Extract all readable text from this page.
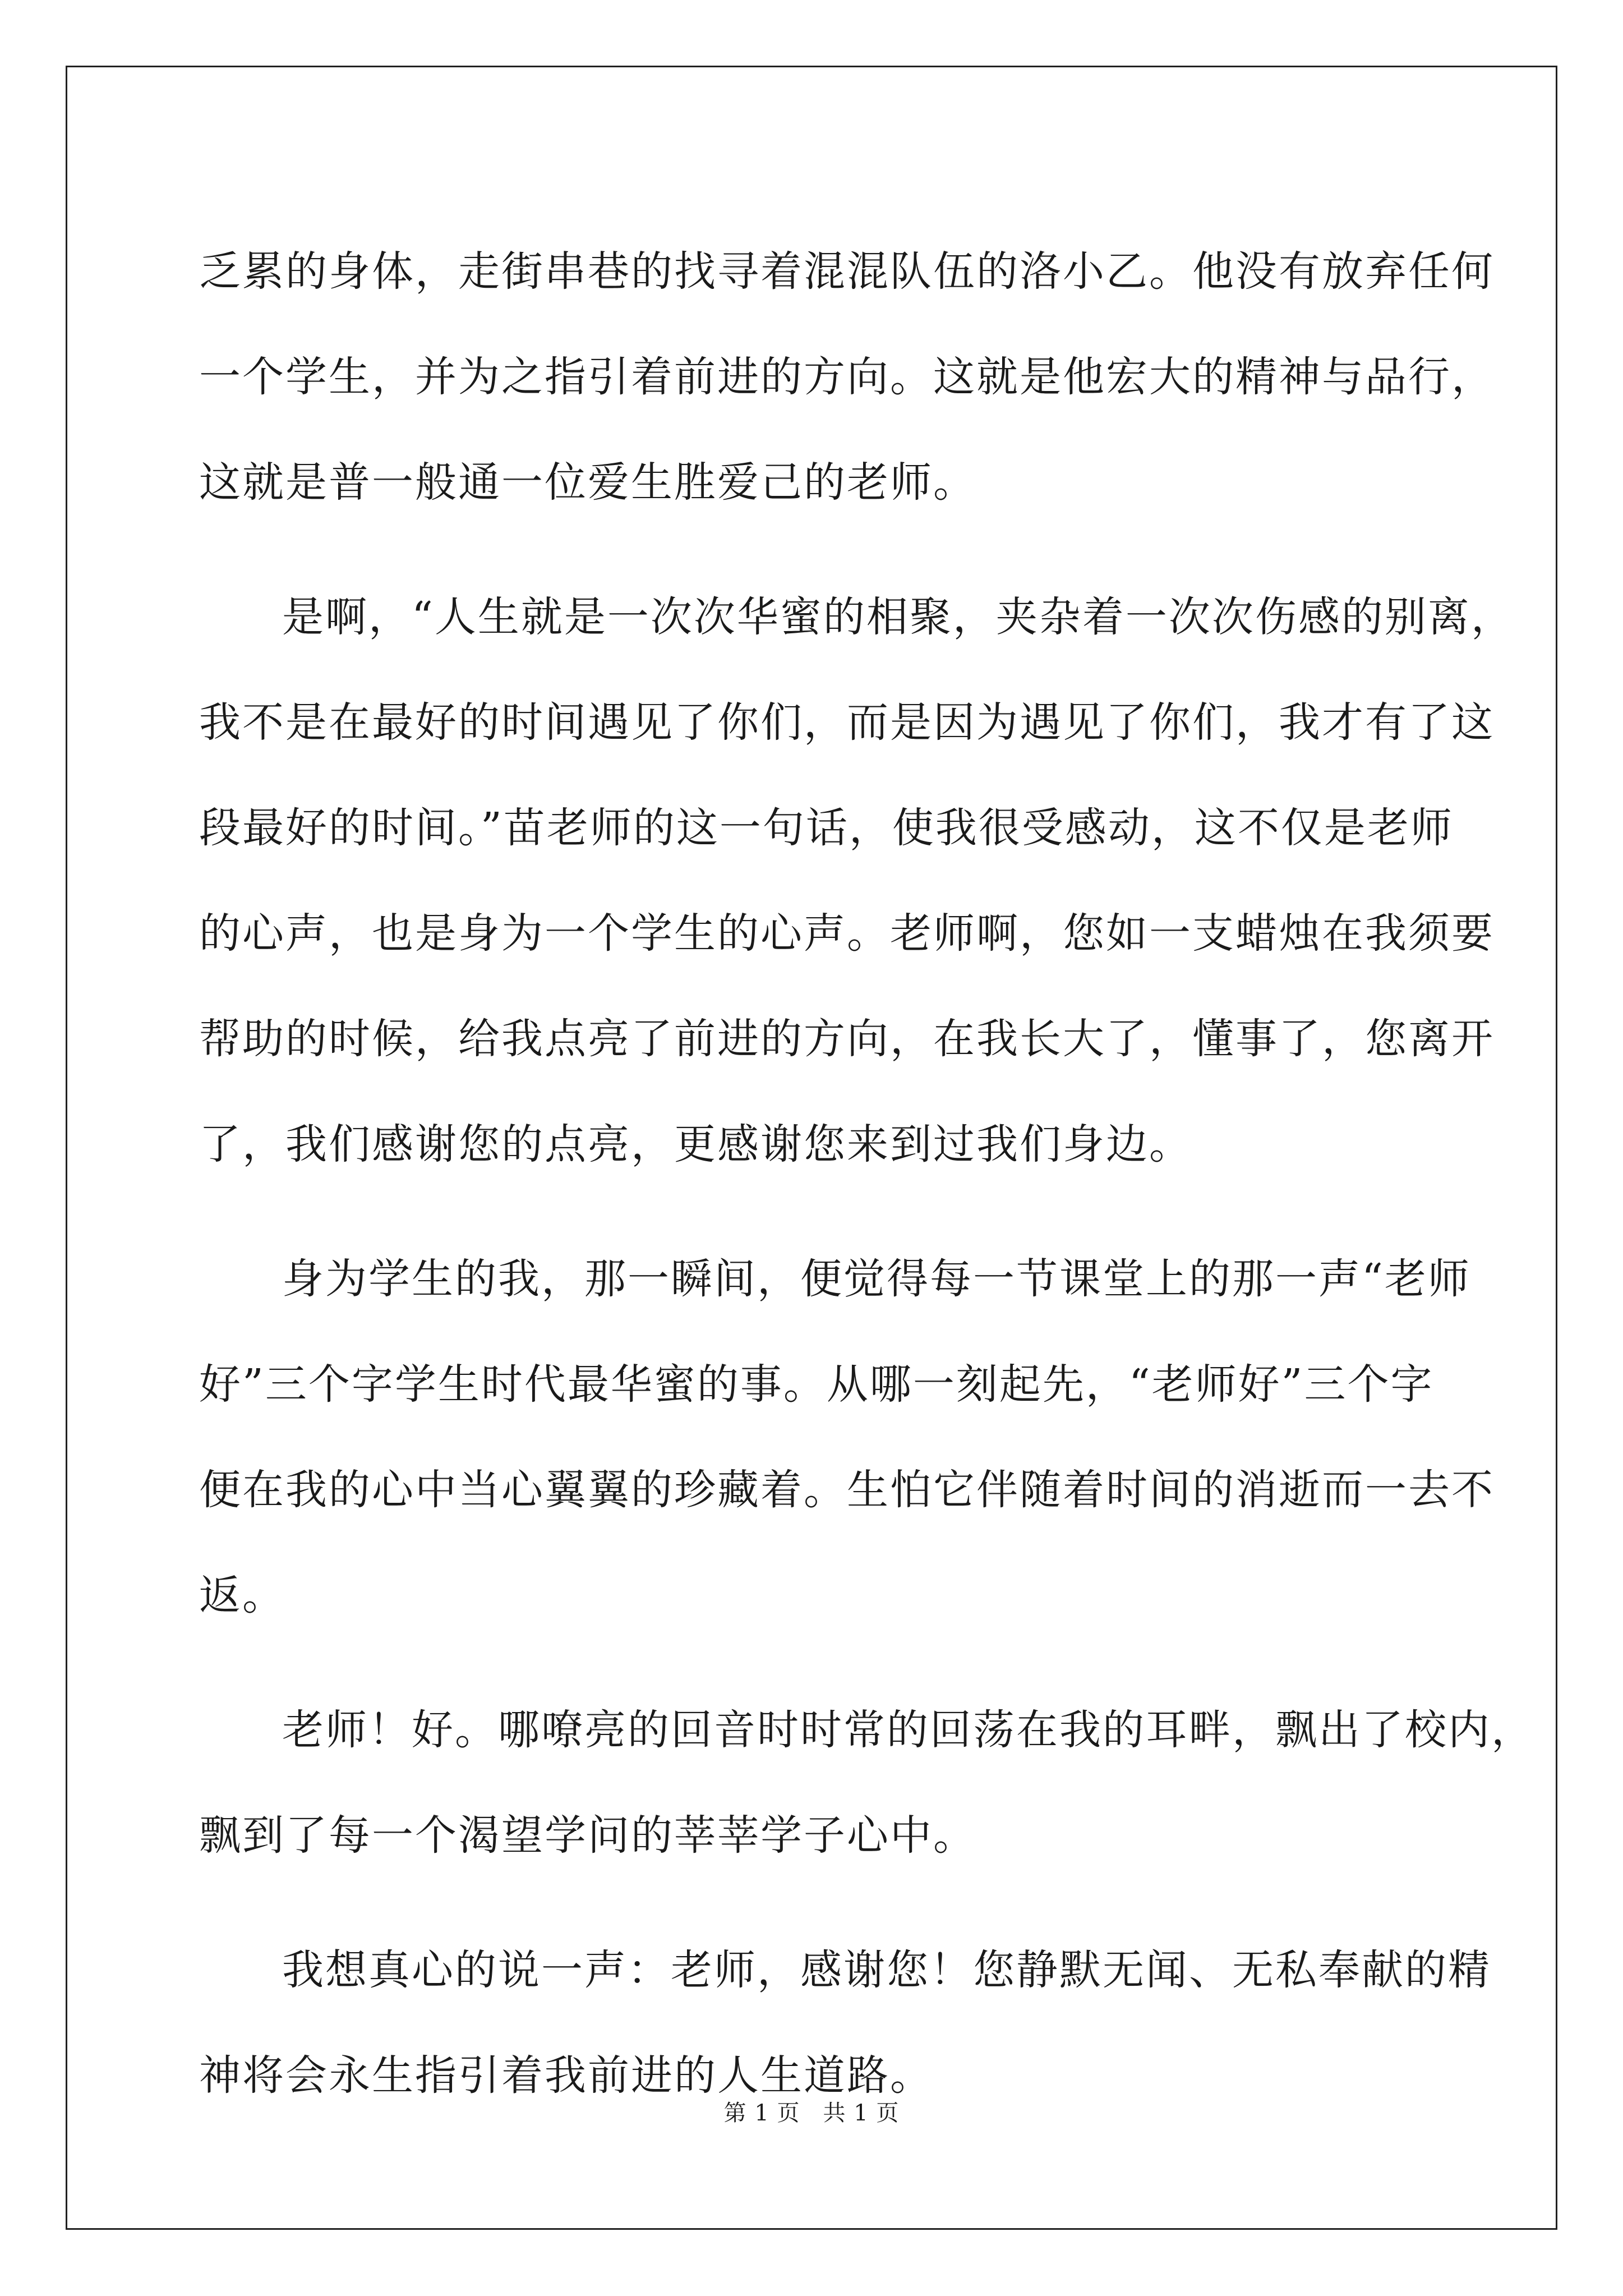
乏累的身体，走街串巷的找寻着混混队伍的洛小乙。他没有放弃任何
一个学生，并为之指引着前进的方向。这就是他宏大的精神与品行，
这就是普一般通一位爱生胜爱己的老师。
是啊，“人生就是一次次华蜜的相聚，夹杂着一次次伤感的别离，
我不是在最好的时间遇见了你们，而是因为遇见了你们，我才有了这
段最好的时间。”苗老师的这一句话，使我很受感动，这不仅是老师
的心声，也是身为一个学生的心声。老师啊，您如一支蜡烛在我须要
帮助的时候，给我点亮了前进的方向，在我长大了，懂事了，您离开
了，我们感谢您的点亮，更感谢您来到过我们身边。
身为学生的我，那一瞬间，便觉得每一节课堂上的那一声“老师
好”三个字学生时代最华蜜的事。从哪一刻起先，“老师好”三个字
便在我的心中当心翼翼的珍藏着。生怕它伴随着时间的消逝而一去不
返。
老师！好。哪嘹亮的回音时时常的回荡在我的耳畔，飘出了校内，
飘到了每一个渴望学问的莘莘学子心中。
我想真心的说一声：老师，感谢您！您静默无闻、无私奉献的精
神将会永生指引着我前进的人生道路。
第 1 页　共 1 页
